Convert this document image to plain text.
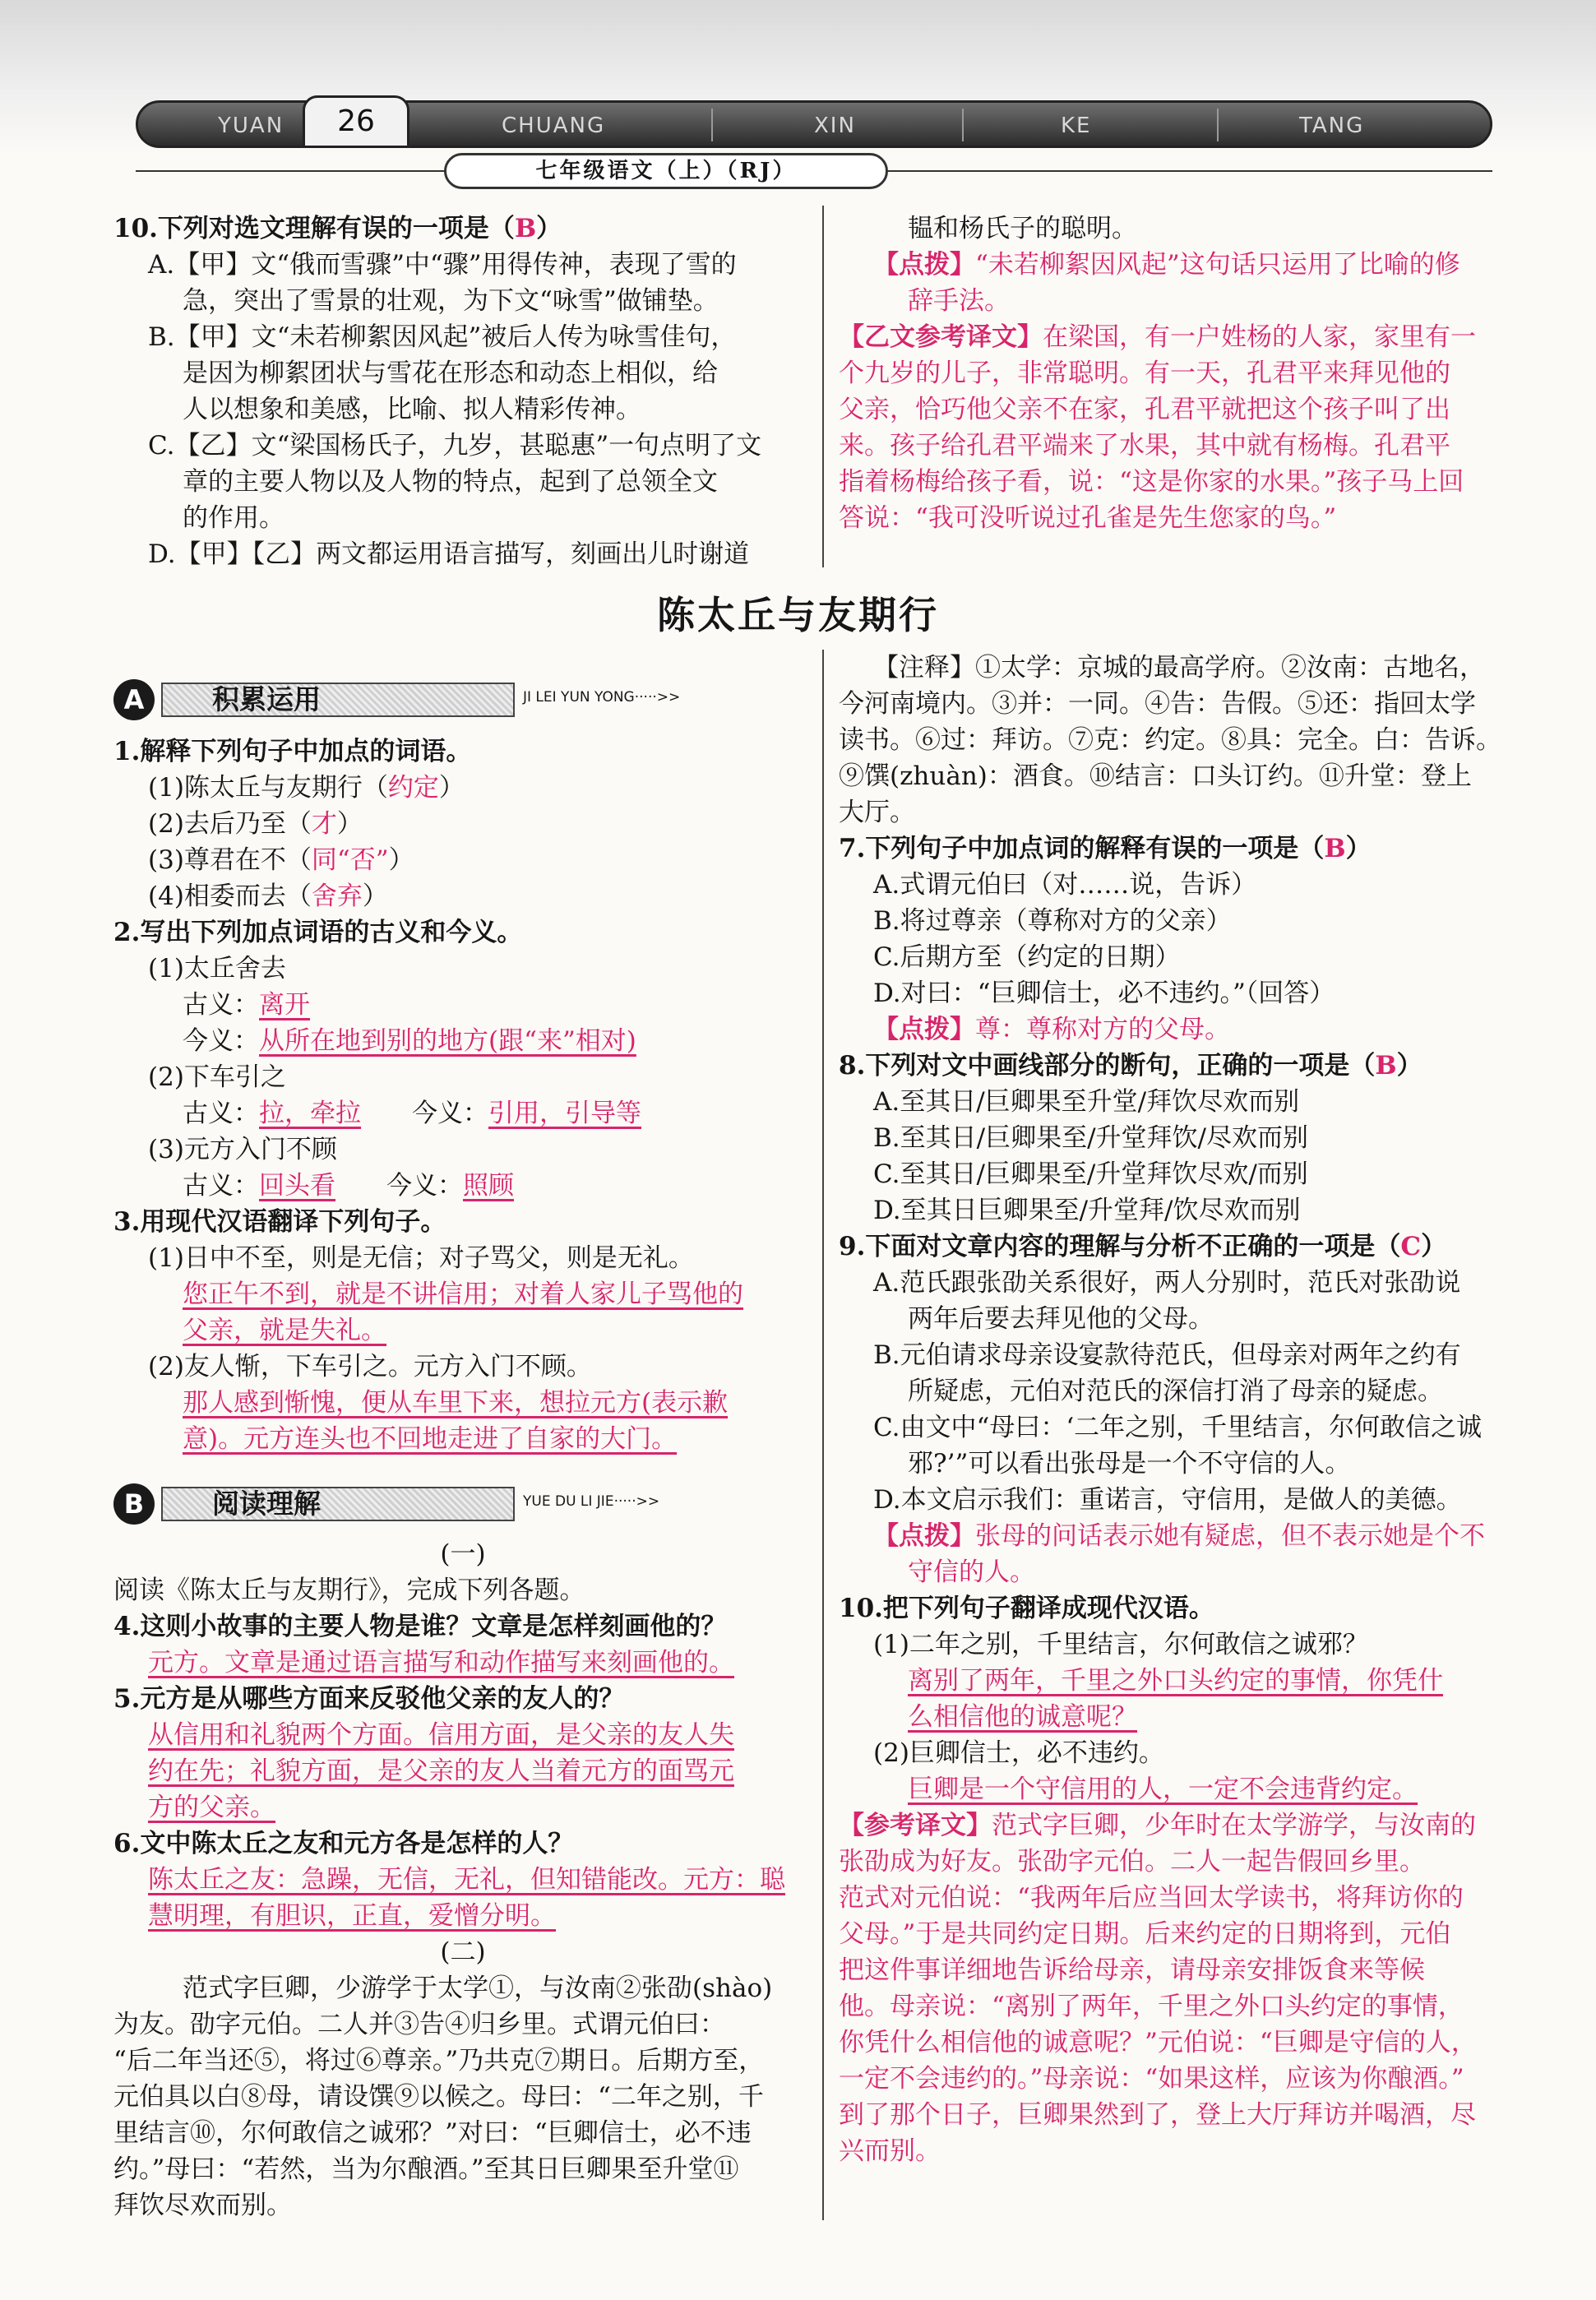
YUAN	CHUANG	XIN	KE	TANG
26
七年级语文（上）（RJ）
10.下列对选文理解有误的一项是（B）
A.【甲】文“俄而雪骤”中“骤”用得传神，表现了雪的
急，突出了雪景的壮观，为下文“咏雪”做铺垫。
B.【甲】文“未若柳絮因风起”被后人传为咏雪佳句，
是因为柳絮团状与雪花在形态和动态上相似，给
人以想象和美感，比喻、拟人精彩传神。
C.【乙】文“梁国杨氏子，九岁，甚聪惠”一句点明了文
章的主要人物以及人物的特点，起到了总领全文
的作用。
D.【甲】【乙】两文都运用语言描写，刻画出儿时谢道
韫和杨氏子的聪明。
【点拨】“未若柳絮因风起”这句话只运用了比喻的修
辞手法。
【乙文参考译文】在梁国，有一户姓杨的人家，家里有一
个九岁的儿子，非常聪明。有一天，孔君平来拜见他的
父亲，恰巧他父亲不在家，孔君平就把这个孩子叫了出
来。孩子给孔君平端来了水果，其中就有杨梅。孔君平
指着杨梅给孩子看，说：“这是你家的水果。”孩子马上回
答说：“我可没听说过孔雀是先生您家的鸟。”
陈太丘与友期行
A	积累运用	JI LEI YUN YONG·····>>
1.解释下列句子中加点的词语。
(1)陈太丘与友期行（约定）
(2)去后乃至（才）
(3)尊君在不（同“否”）
(4)相委而去（舍弃）
2.写出下列加点词语的古义和今义。
(1)太丘舍去
古义：离开
今义：从所在地到别的地方(跟“来”相对)
(2)下车引之
古义：拉，牵拉　　今义：引用，引导等
(3)元方入门不顾
古义：回头看　　今义：照顾
3.用现代汉语翻译下列句子。
(1)日中不至，则是无信；对子骂父，则是无礼。
您正午不到，就是不讲信用；对着人家儿子骂他的
父亲，就是失礼。
(2)友人惭，下车引之。元方入门不顾。
那人感到惭愧，便从车里下来，想拉元方(表示歉
意)。元方连头也不回地走进了自家的大门。
B	阅读理解	YUE DU LI JIE·····>>
(一)
阅读《陈太丘与友期行》，完成下列各题。
4.这则小故事的主要人物是谁？文章是怎样刻画他的？
元方。文章是通过语言描写和动作描写来刻画他的。
5.元方是从哪些方面来反驳他父亲的友人的？
从信用和礼貌两个方面。信用方面，是父亲的友人失
约在先；礼貌方面，是父亲的友人当着元方的面骂元
方的父亲。
6.文中陈太丘之友和元方各是怎样的人？
陈太丘之友：急躁，无信，无礼，但知错能改。元方：聪
慧明理，有胆识，正直，爱憎分明。
(二)
范式字巨卿，少游学于太学①，与汝南②张劭(shào)
为友。劭字元伯。二人并③告④归乡里。式谓元伯曰：
“后二年当还⑤，将过⑥尊亲。”乃共克⑦期日。后期方至，
元伯具以白⑧母，请设馔⑨以候之。母曰：“二年之别，千
里结言⑩，尔何敢信之诚邪？”对曰：“巨卿信士，必不违
约。”母曰：“若然，当为尔酿酒。”至其日巨卿果至升堂⑪
拜饮尽欢而别。
【注释】①太学：京城的最高学府。②汝南：古地名，
今河南境内。③并：一同。④告：告假。⑤还：指回太学
读书。⑥过：拜访。⑦克：约定。⑧具：完全。白：告诉。
⑨馔(zhuàn)：酒食。⑩结言：口头订约。⑪升堂：登上
大厅。
7.下列句子中加点词的解释有误的一项是（B）
A.式谓元伯曰（对……说，告诉）
B.将过尊亲（尊称对方的父亲）
C.后期方至（约定的日期）
D.对曰：“巨卿信士，必不违约。”（回答）
【点拨】尊：尊称对方的父母。
8.下列对文中画线部分的断句，正确的一项是（B）
A.至其日/巨卿果至升堂/拜饮尽欢而别
B.至其日/巨卿果至/升堂拜饮/尽欢而别
C.至其日/巨卿果至/升堂拜饮尽欢/而别
D.至其日巨卿果至/升堂拜/饮尽欢而别
9.下面对文章内容的理解与分析不正确的一项是（C）
A.范氏跟张劭关系很好，两人分别时，范氏对张劭说
两年后要去拜见他的父母。
B.元伯请求母亲设宴款待范氏，但母亲对两年之约有
所疑虑，元伯对范氏的深信打消了母亲的疑虑。
C.由文中“母曰：‘二年之别，千里结言，尔何敢信之诚
邪?’”可以看出张母是一个不守信的人。
D.本文启示我们：重诺言，守信用，是做人的美德。
【点拨】张母的问话表示她有疑虑，但不表示她是个不
守信的人。
10.把下列句子翻译成现代汉语。
(1)二年之别，千里结言，尔何敢信之诚邪？
离别了两年，千里之外口头约定的事情，你凭什
么相信他的诚意呢？
(2)巨卿信士，必不违约。
巨卿是一个守信用的人，一定不会违背约定。
【参考译文】范式字巨卿，少年时在太学游学，与汝南的
张劭成为好友。张劭字元伯。二人一起告假回乡里。
范式对元伯说：“我两年后应当回太学读书，将拜访你的
父母。”于是共同约定日期。后来约定的日期将到，元伯
把这件事详细地告诉给母亲，请母亲安排饭食来等候
他。母亲说：“离别了两年，千里之外口头约定的事情，
你凭什么相信他的诚意呢？”元伯说：“巨卿是守信的人，
一定不会违约的。”母亲说：“如果这样，应该为你酿酒。”
到了那个日子，巨卿果然到了，登上大厅拜访并喝酒，尽
兴而别。
